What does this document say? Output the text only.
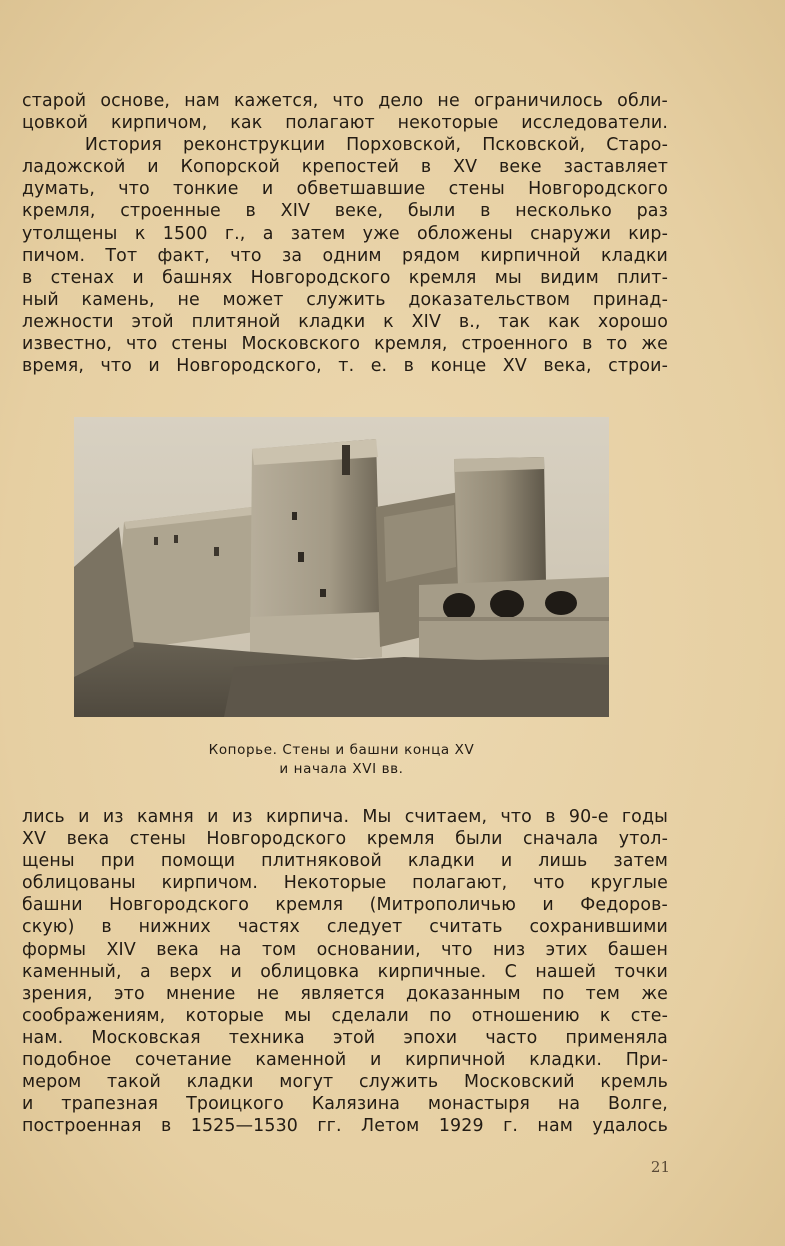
старой основе, нам кажется, что дело не ограничилось обли-
цовкой кирпичом, как полагают некоторые исследователи.
История реконструкции Порховской, Псковской, Старо-
ладожской и Копорской крепостей в XV веке заставляет
думать, что тонкие и обветшавшие стены Новгородского
кремля, строенные в XIV веке, были в несколько раз
утолщены к 1500 г., а затем уже обложены снаружи кир-
пичом. Тот факт, что за одним рядом кирпичной кладки
в стенах и башнях Новгородского кремля мы видим плит-
ный камень, не может служить доказательством принад-
лежности этой плитяной кладки к XIV в., так как хорошо
известно, что стены Московского кремля, строенного в то же
время, что и Новгородского, т. е. в конце XV века, строи-
Копорье. Стены и башни конца XV
и начала XVI вв.
лись и из камня и из кирпича. Мы считаем, что в 90-е годы
XV века стены Новгородского кремля были сначала утол-
щены при помощи плитняковой кладки и лишь затем
облицованы кирпичом. Некоторые полагают, что круглые
башни Новгородского кремля (Митрополичью и Федоров-
скую) в нижних частях следует считать сохранившими
формы XIV века на том основании, что низ этих башен
каменный, а верх и облицовка кирпичные. С нашей точки
зрения, это мнение не является доказанным по тем же
соображениям, которые мы сделали по отношению к сте-
нам. Московская техника этой эпохи часто применяла
подобное сочетание каменной и кирпичной кладки. При-
мером такой кладки могут служить Московский кремль
и трапезная Троицкого Калязина монастыря на Волге,
построенная в 1525—1530 гг. Летом 1929 г. нам удалось
21
